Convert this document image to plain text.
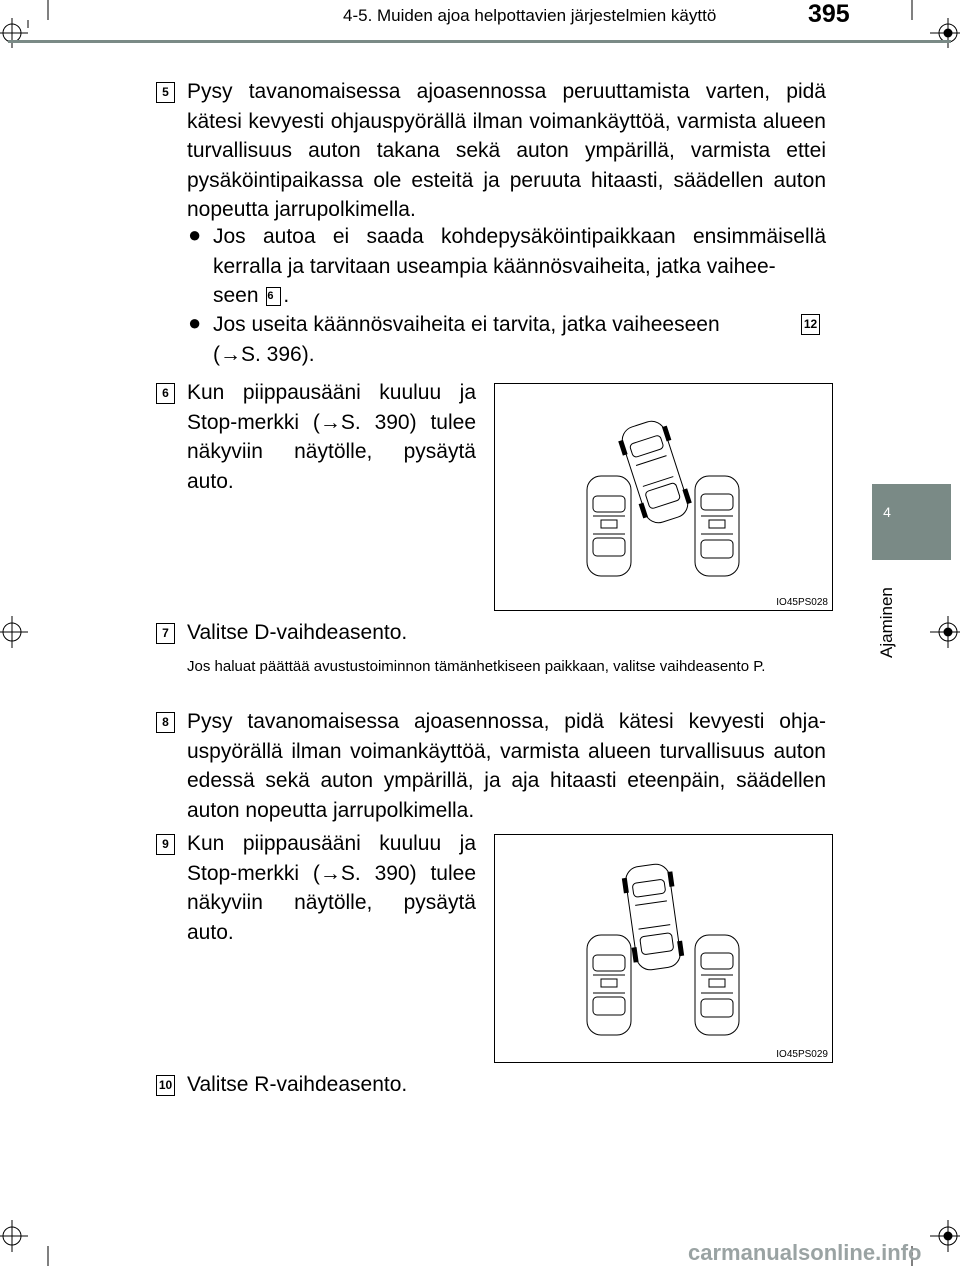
4-5. Muiden ajoa helpottavien järjestelmien käyttö	395
4
Ajaminen
5 Pysy tavanomaisessa ajoasennossa peruuttamista varten, pidä kätesi kevyesti ohjauspyörällä ilman voimankäyttöä, varmista alueen turvallisuus auton takana sekä auton ympärillä, varmista ettei pysäköintipaikassa ole esteitä ja peruuta hitaasti, säädellen auton nopeutta jarrupolkimella.
● Jos autoa ei saada kohdepysäköintipaikkaan ensimmäisellä kerralla ja tarvitaan useampia käännösvaiheita, jatka vaihee-
seen 6 .
● Jos useita käännösvaiheita ei tarvita, jatka vaiheeseen	12
(→S. 396).
6 Kun piippausääni kuuluu ja Stop-merkki (→S. 390) tulee näkyviin näytölle, pysäytä auto.
IO45PS028
7 Valitse D-vaihdeasento.
Jos haluat päättää avustustoiminnon tämänhetkiseen paikkaan, valitse vaihdeasento P.
8 Pysy tavanomaisessa ajoasennossa, pidä kätesi kevyesti ohja-uspyörällä ilman voimankäyttöä, varmista alueen turvallisuus auton edessä sekä auton ympärillä, ja aja hitaasti eteenpäin, säädellen auton nopeutta jarrupolkimella.
9 Kun piippausääni kuuluu ja Stop-merkki (→S. 390) tulee näkyviin näytölle, pysäytä auto.
IO45PS029
10 Valitse R-vaihdeasento.
carmanualsonline.info
